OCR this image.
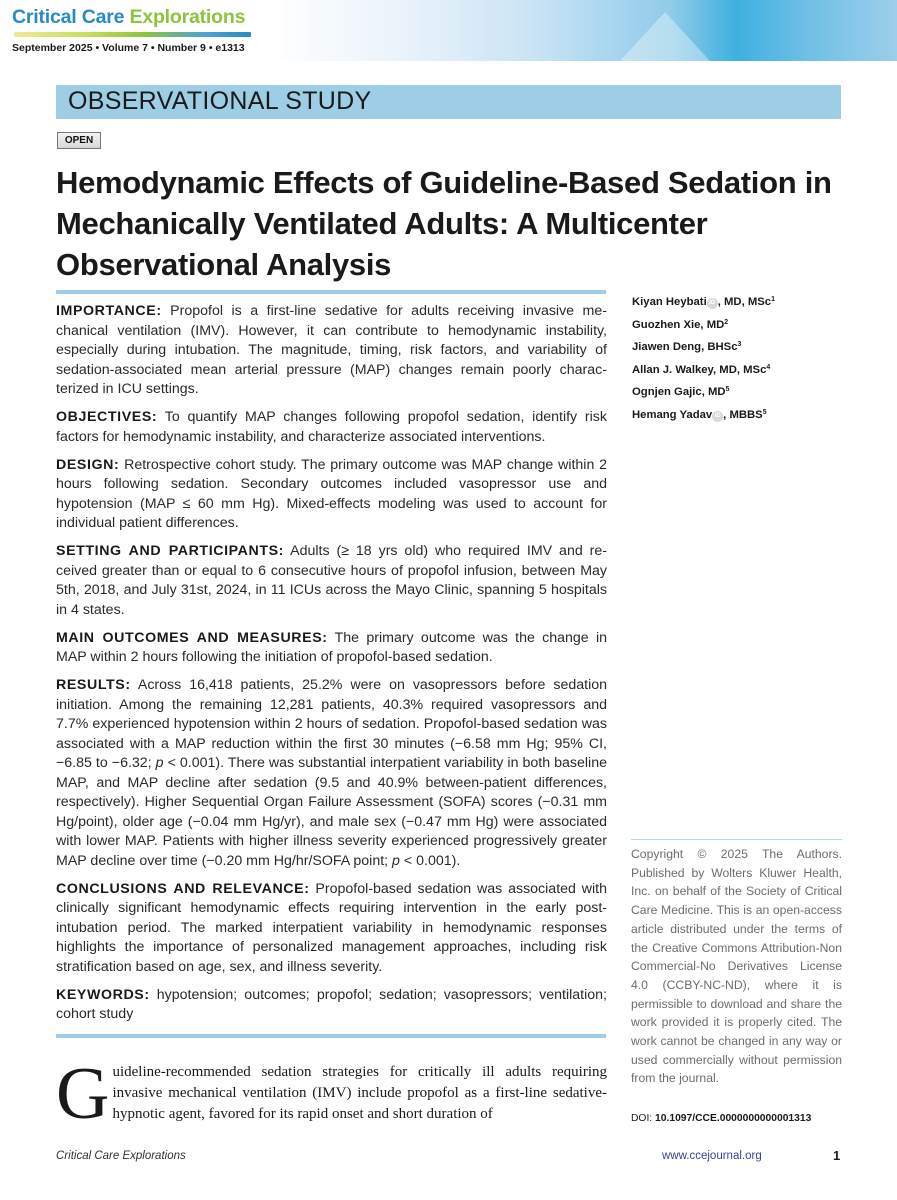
Critical Care Explorations
September 2025 • Volume 7 • Number 9 • e1313
OBSERVATIONAL STUDY
OPEN
Hemodynamic Effects of Guideline-Based Sedation in Mechanically Ventilated Adults: A Multicenter Observational Analysis

IMPORTANCE: Propofol is a first-line sedative for adults receiving invasive mechanical ventilation (IMV). However, it can contribute to hemodynamic instability, especially during intubation. The magnitude, timing, risk factors, and variability of sedation-associated mean arterial pressure (MAP) changes remain poorly characterized in ICU settings.

OBJECTIVES: To quantify MAP changes following propofol sedation, identify risk factors for hemodynamic instability, and characterize associated interventions.

DESIGN: Retrospective cohort study. The primary outcome was MAP change within 2 hours following sedation. Secondary outcomes included vasopressor use and hypotension (MAP ≤ 60 mm Hg). Mixed-effects modeling was used to account for individual patient differences.

SETTING AND PARTICIPANTS: Adults (≥ 18 yrs old) who required IMV and received greater than or equal to 6 consecutive hours of propofol infusion, between May 5th, 2018, and July 31st, 2024, in 11 ICUs across the Mayo Clinic, spanning 5 hospitals in 4 states.

MAIN OUTCOMES AND MEASURES: The primary outcome was the change in MAP within 2 hours following the initiation of propofol-based sedation.

RESULTS: Across 16,418 patients, 25.2% were on vasopressors before sedation initiation. Among the remaining 12,281 patients, 40.3% required vasopressors and 7.7% experienced hypotension within 2 hours of sedation. Propofol-based sedation was associated with a MAP reduction within the first 30 minutes (−6.58 mm Hg; 95% CI, −6.85 to −6.32; p < 0.001). There was substantial interpatient variability in both baseline MAP, and MAP decline after sedation (9.5 and 40.9% between-patient differences, respectively). Higher Sequential Organ Failure Assessment (SOFA) scores (−0.31 mm Hg/point), older age (−0.04 mm Hg/yr), and male sex (−0.47 mm Hg) were associated with lower MAP. Patients with higher illness severity experienced progressively greater MAP decline over time (−0.20 mm Hg/hr/SOFA point; p < 0.001).

CONCLUSIONS AND RELEVANCE: Propofol-based sedation was associated with clinically significant hemodynamic effects requiring intervention in the early post-intubation period. The marked interpatient variability in hemodynamic responses highlights the importance of personalized management approaches, including risk stratification based on age, sex, and illness severity.

KEYWORDS: hypotension; outcomes; propofol; sedation; vasopressors; ventilation; cohort study

Kiyan Heybati iD , MD, MSc$^1$
Guozhen Xie, $MD^2$
Jiawen Deng, BHSc$^3$
Allan J. Walkey, MD, MSc$^4$
Ognjen Gajic, $MD^5$
Hemang Yadav iD , MBBS$^5$
Copyright © 2025 The Authors. Published by Wolters Kluwer Health, Inc. on behalf of the Society of Critical Care Medicine. This is an open-access article distributed under the terms of the Creative Commons Attribution-Non Commercial-No Derivatives License 4.0 (CCBY-NC-ND), where it is permissible to download and share the work provided it is properly cited. The work cannot be changed in any way or used commercially without permission from the journal.
DOI: 10.1097/CCE.0000000000001313
Guideline-recommended sedation strategies for critically ill adults requiring invasive mechanical ventilation (IMV) include propofol as a first-line sedative-hypnotic agent, favored for its rapid onset and short duration of
Critical Care Explorations	www.ccejournal.org	1
